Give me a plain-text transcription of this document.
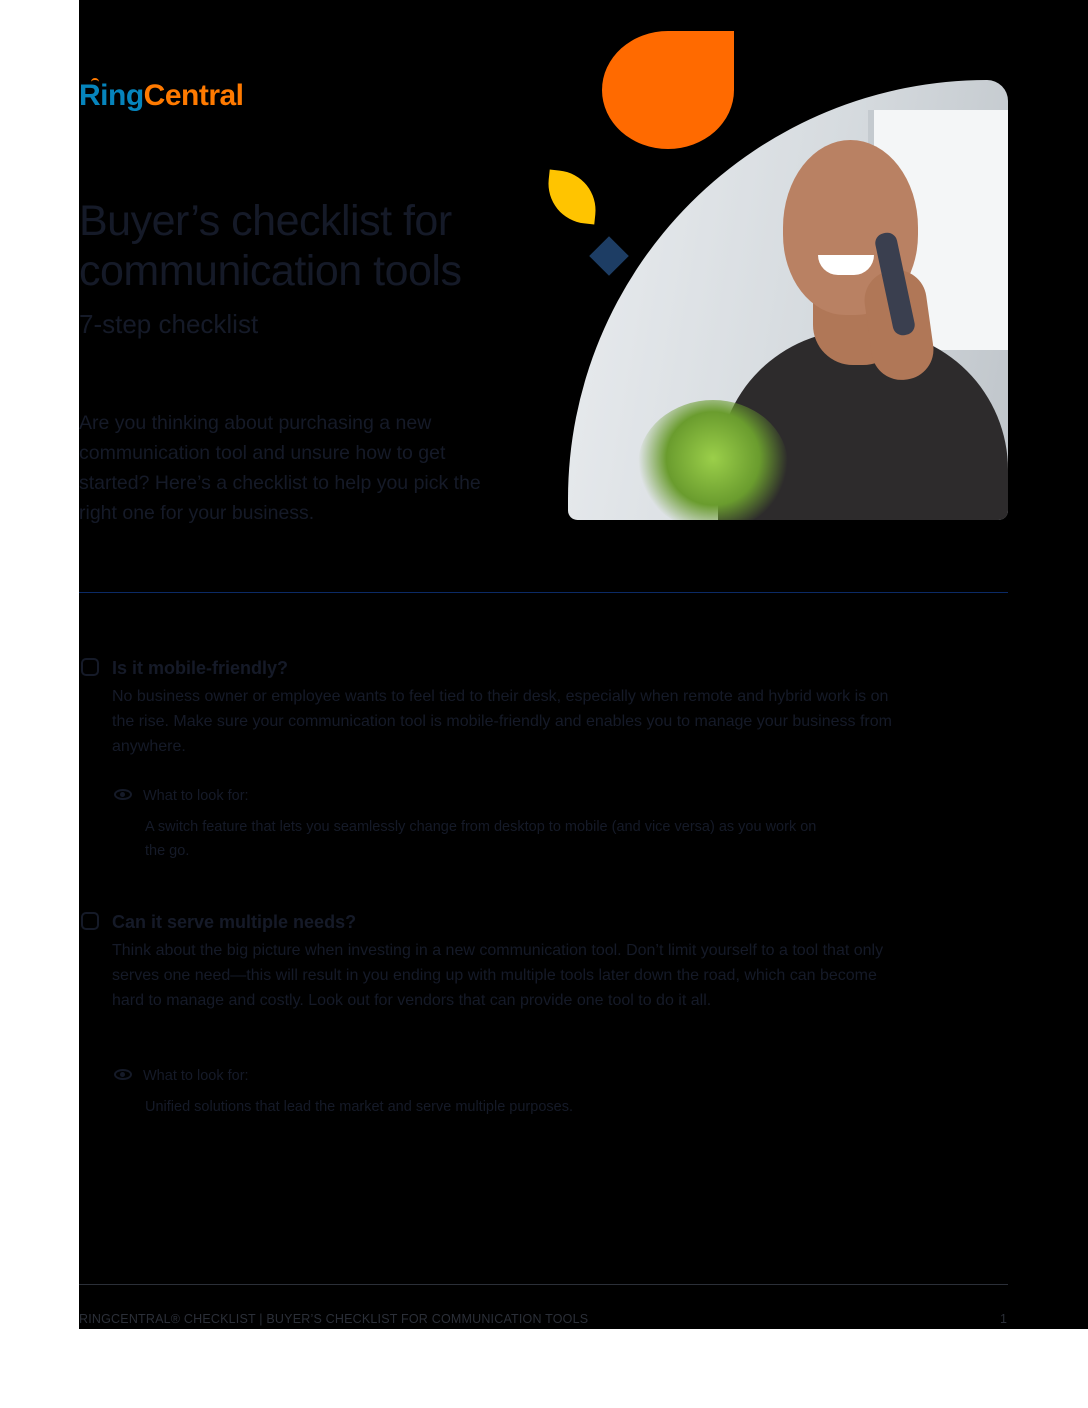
RingCentral
Buyer’s checklist for communication tools
7-step checklist

Are you thinking about purchasing a new communication tool and unsure how to get started? Here’s a checklist to help you pick the right one for your business.

Is it mobile-friendly?

No business owner or employee wants to feel tied to their desk, especially when remote and hybrid work is on the rise. Make sure your communication tool is mobile-friendly and enables you to manage your business from anywhere.

What to look for:

A switch feature that lets you seamlessly change from desktop to mobile (and vice versa) as you work on the go.

Can it serve multiple needs?

Think about the big picture when investing in a new communication tool. Don’t limit yourself to a tool that only serves one need—this will result in you ending up with multiple tools later down the road, which can become hard to manage and costly. Look out for vendors that can provide one tool to do it all.

What to look for:

Unified solutions that lead the market and serve multiple purposes.

RINGCENTRAL® CHECKLIST | BUYER’S CHECKLIST FOR COMMUNICATION TOOLS	1
